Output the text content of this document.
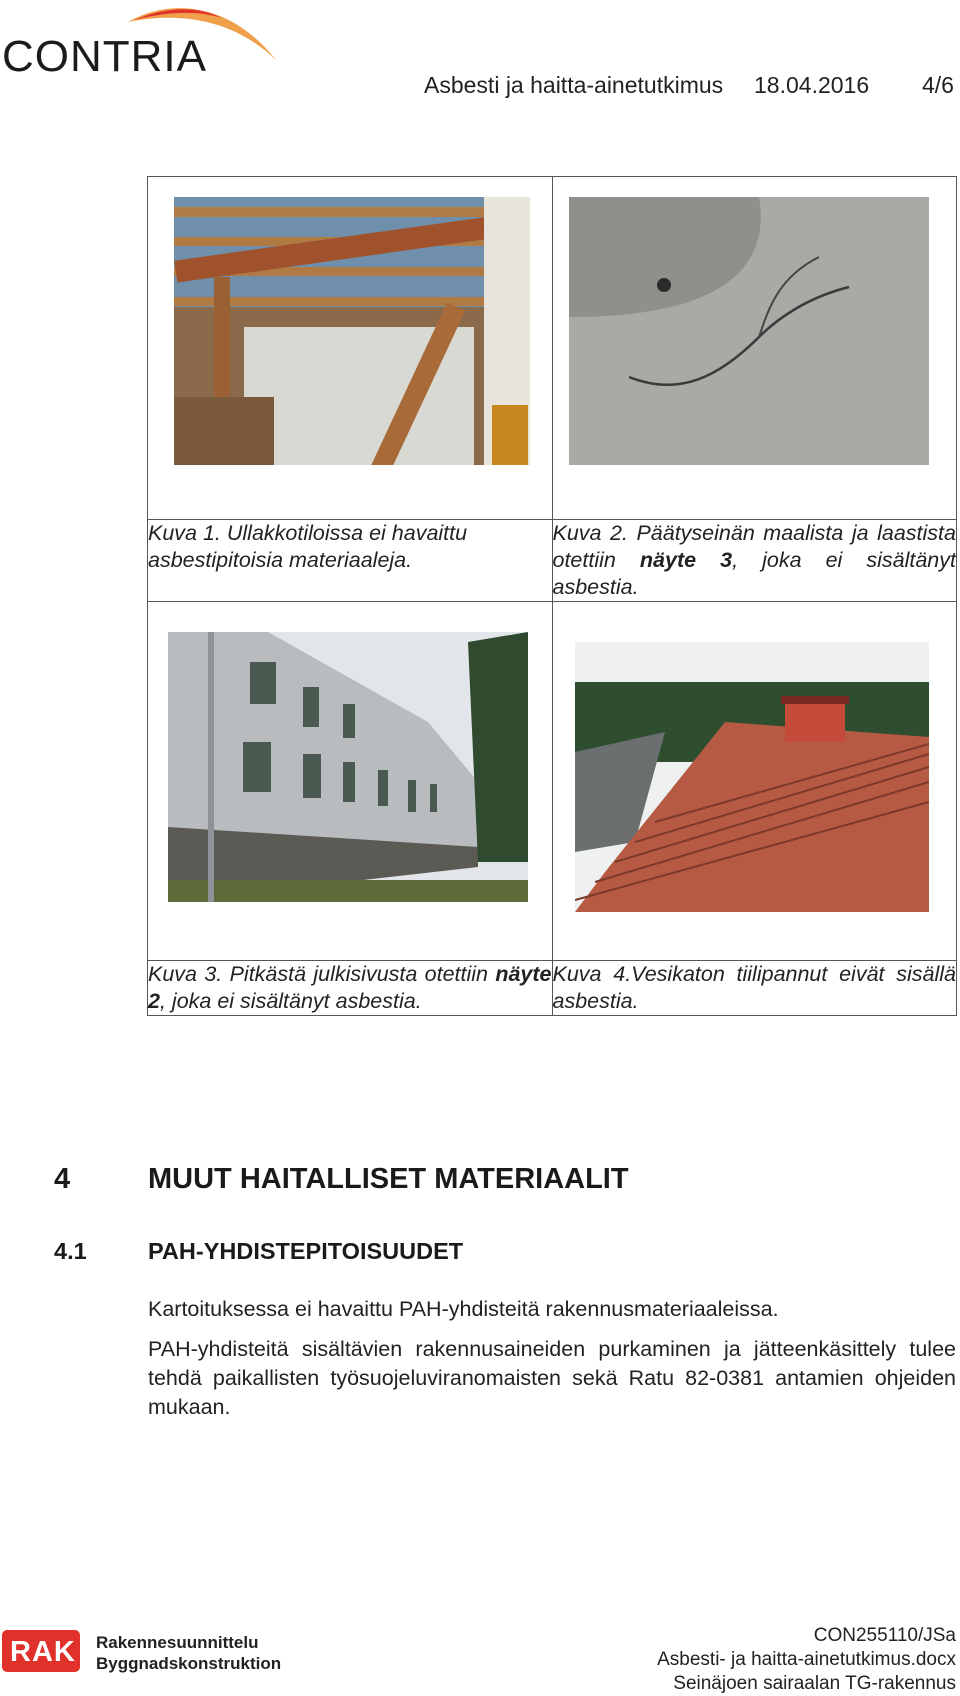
CONTRIA
Asbesti ja haitta-ainetutkimus 18.04.2016 4/6

Kuva 1. Ullakkotiloissa ei havaittu asbestipitoisia materiaaleja.	Kuva 2. Päätyseinän maalista ja laastista otettiin näyte 3, joka ei sisältänyt asbestia.

Kuva 3. Pitkästä julkisivusta otettiin näyte 2, joka ei sisältänyt asbestia.	Kuva 4.Vesikaton tiilipannut eivät sisällä asbestia.
4	MUUT HAITALLISET MATERIAALIT
4.1	PAH-YHDISTEPITOISUUDET
Kartoituksessa ei havaittu PAH-yhdisteitä rakennusmateriaaleissa.
PAH-yhdisteitä sisältävien rakennusaineiden purkaminen ja jätteenkäsittely tulee tehdä paikallisten työsuojeluviranomaisten sekä Ratu 82-0381 antamien ohjeiden mukaan.
RAK Rakennesuunnittelu
Byggnadskonstruktion
CON255110/JSa
Asbesti- ja haitta-ainetutkimus.docx
Seinäjoen sairaalan TG-rakennus
